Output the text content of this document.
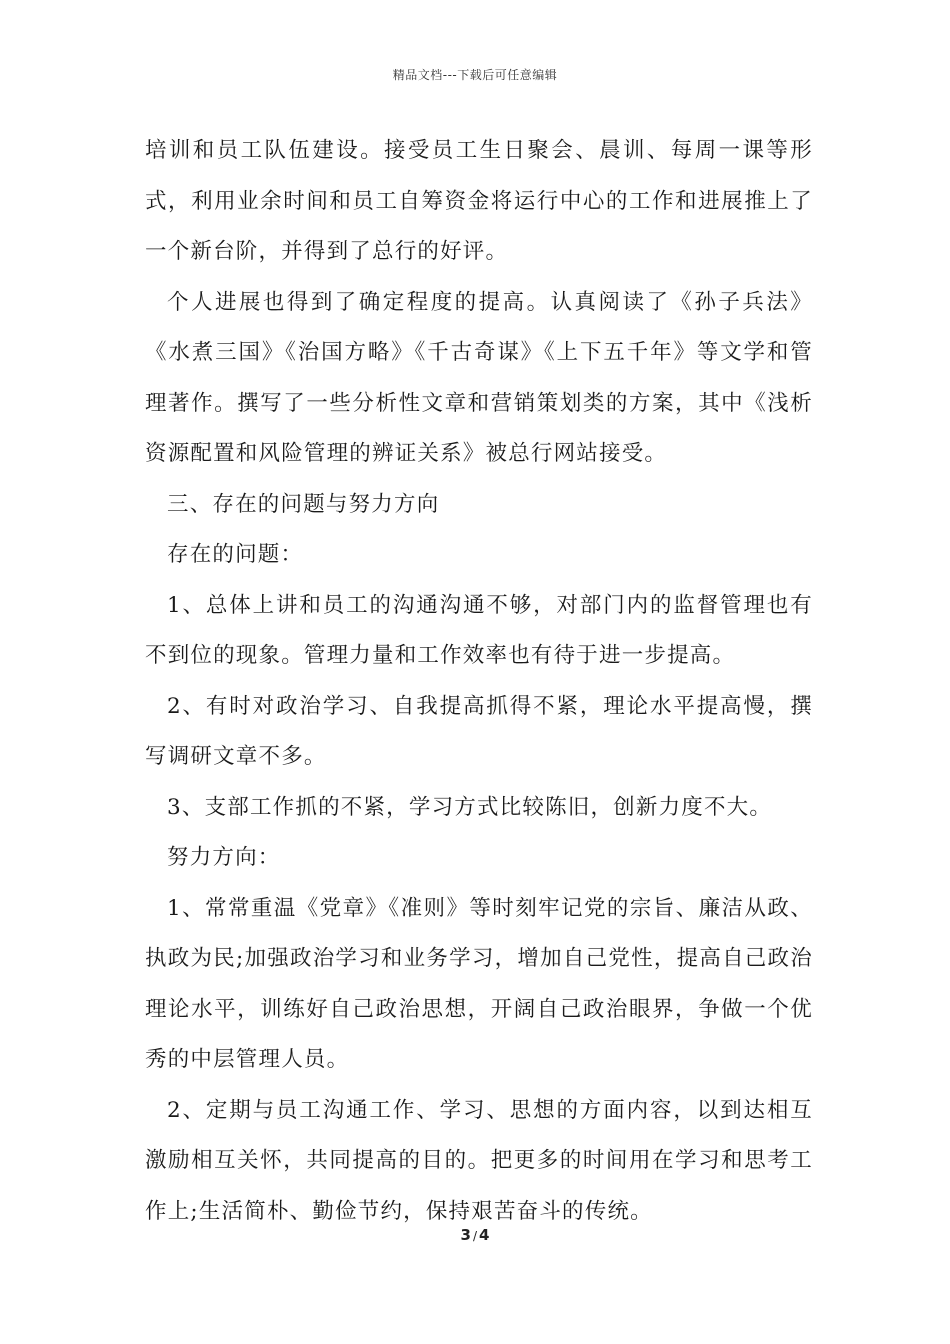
精品文档---下载后可任意编辑

培训和员工队伍建设。接受员工生日聚会、晨训、每周一课等形式，利用业余时间和员工自筹资金将运行中心的工作和进展推上了一个新台阶，并得到了总行的好评。

个人进展也得到了确定程度的提高。认真阅读了《孙子兵法》《水煮三国》《治国方略》《千古奇谋》《上下五千年》等文学和管理著作。撰写了一些分析性文章和营销策划类的方案，其中《浅析资源配置和风险管理的辨证关系》被总行网站接受。

三、存在的问题与努力方向

存在的问题：

1、总体上讲和员工的沟通沟通不够，对部门内的监督管理也有不到位的现象。管理力量和工作效率也有待于进一步提高。

2、有时对政治学习、自我提高抓得不紧，理论水平提高慢，撰写调研文章不多。

3、支部工作抓的不紧，学习方式比较陈旧，创新力度不大。

努力方向：

1、常常重温《党章》《准则》等时刻牢记党的宗旨、廉洁从政、执政为民;加强政治学习和业务学习，增加自己党性，提高自己政治理论水平，训练好自己政治思想，开阔自己政治眼界，争做一个优秀的中层管理人员。

2、定期与员工沟通工作、学习、思想的方面内容，以到达相互激励相互关怀，共同提高的目的。把更多的时间用在学习和思考工作上;生活简朴、勤俭节约，保持艰苦奋斗的传统。

3 / 4
